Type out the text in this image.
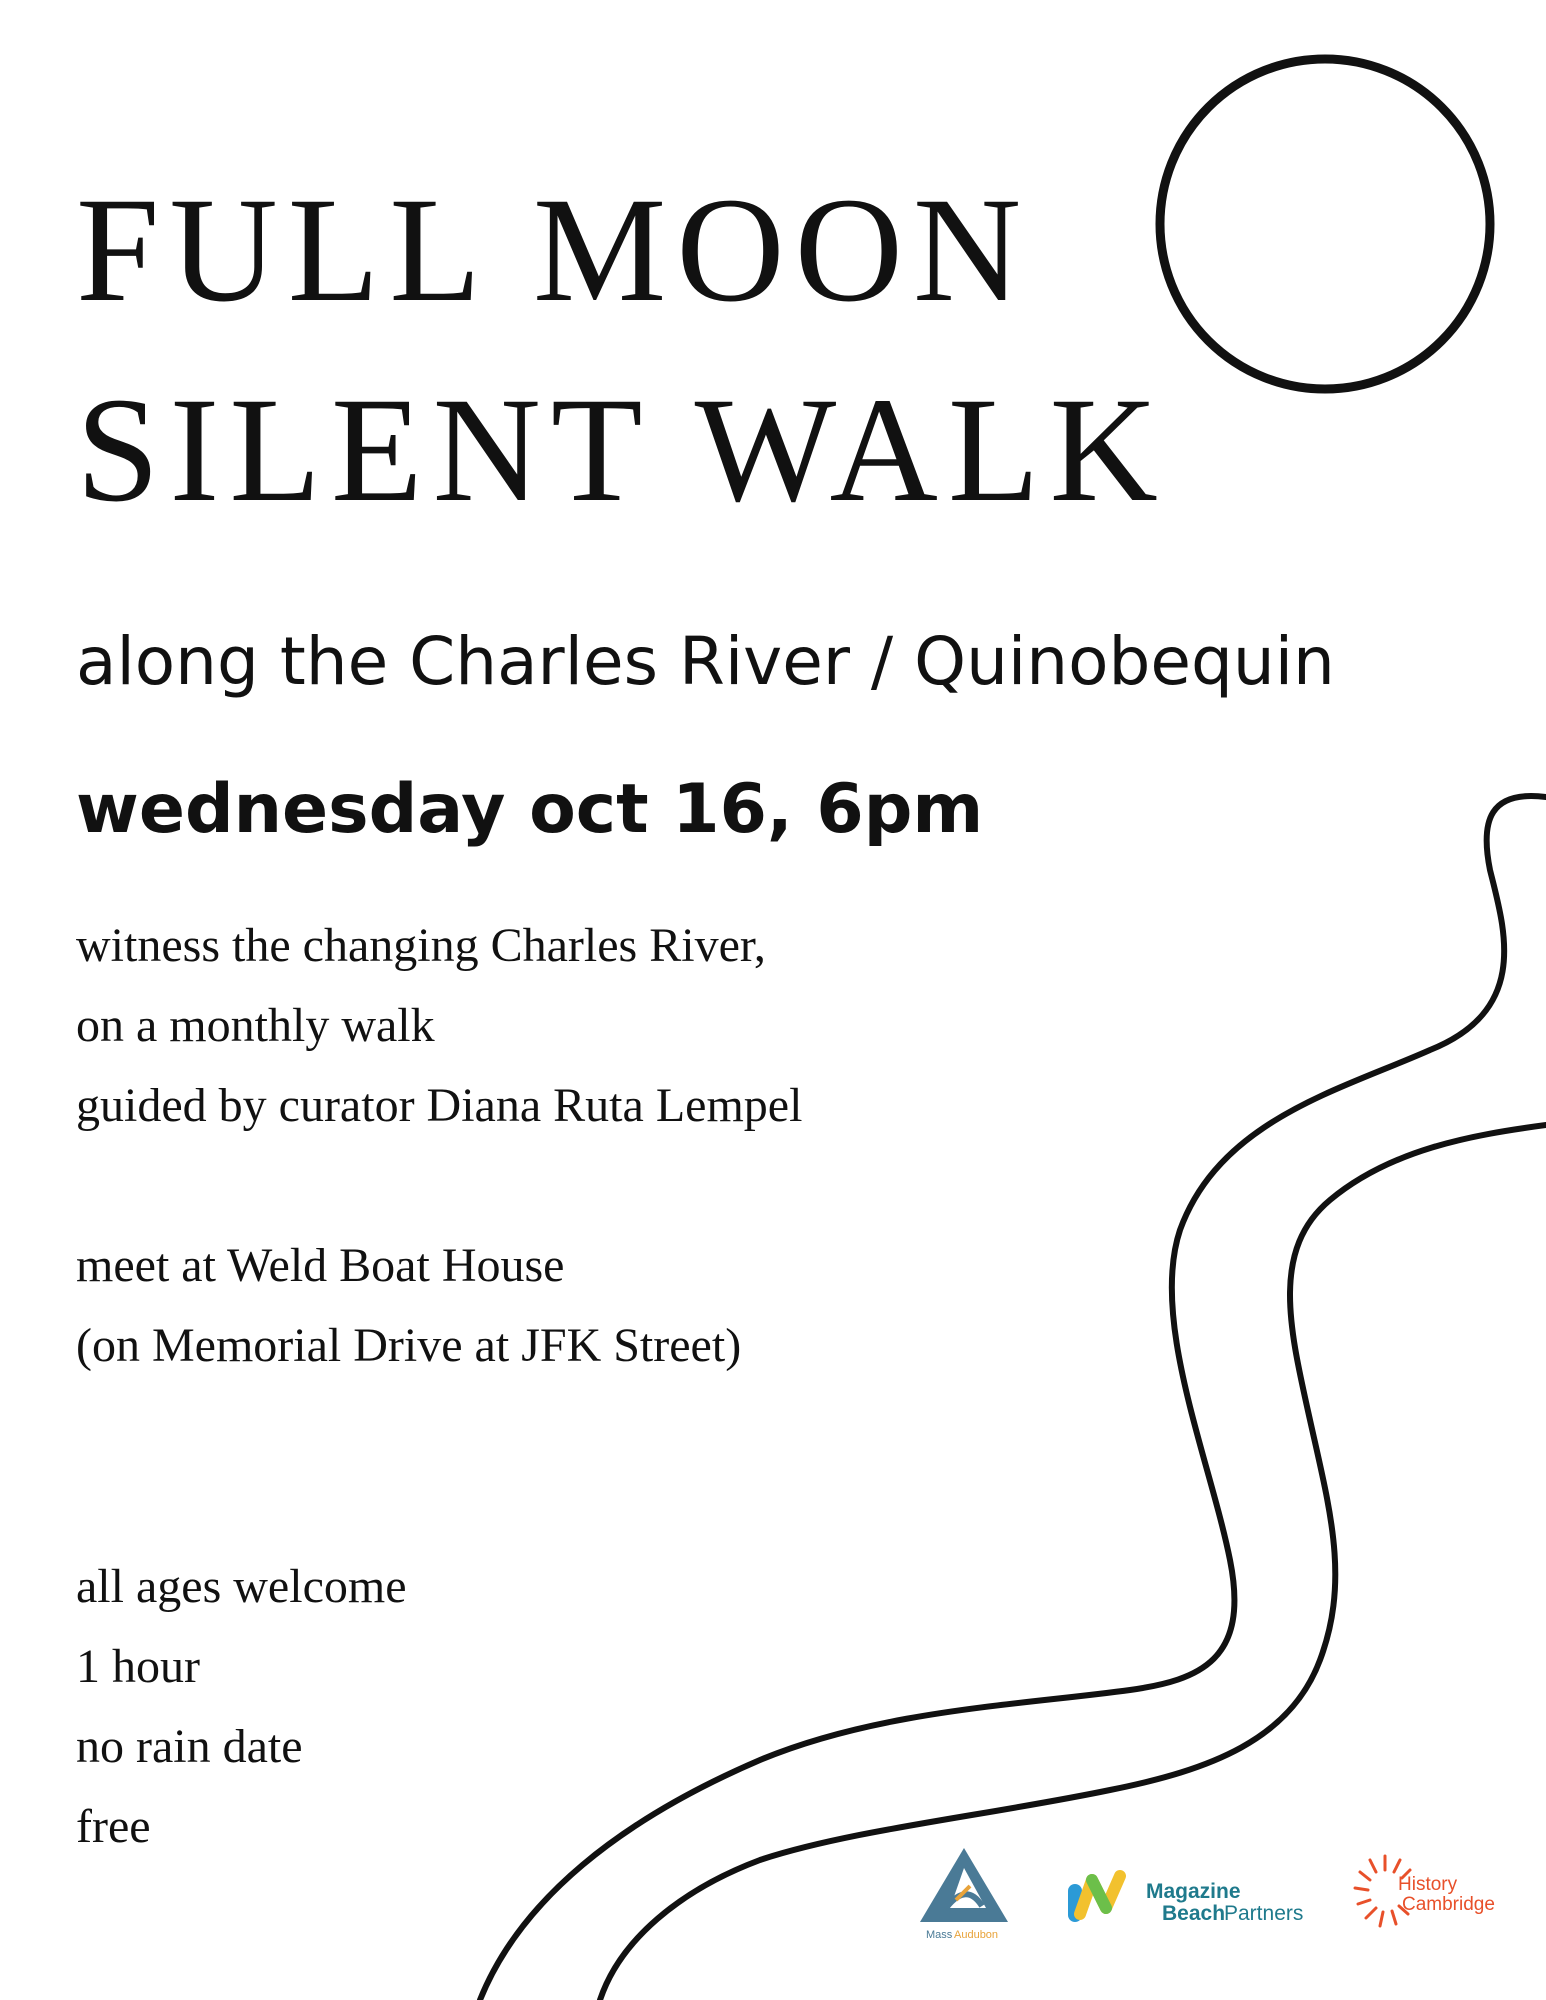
FULL MOON
SILENT WALK
along the Charles River / Quinobequin
wednesday oct 16, 6pm
witness the changing Charles River,
on a monthly walk
guided by curator Diana Ruta Lempel
meet at Weld Boat House
(on Memorial Drive at JFK Street)
all ages welcome
1 hour
no rain date
free
Mass Audubon
Magazine
Beach
Partners
History
Cambridge
